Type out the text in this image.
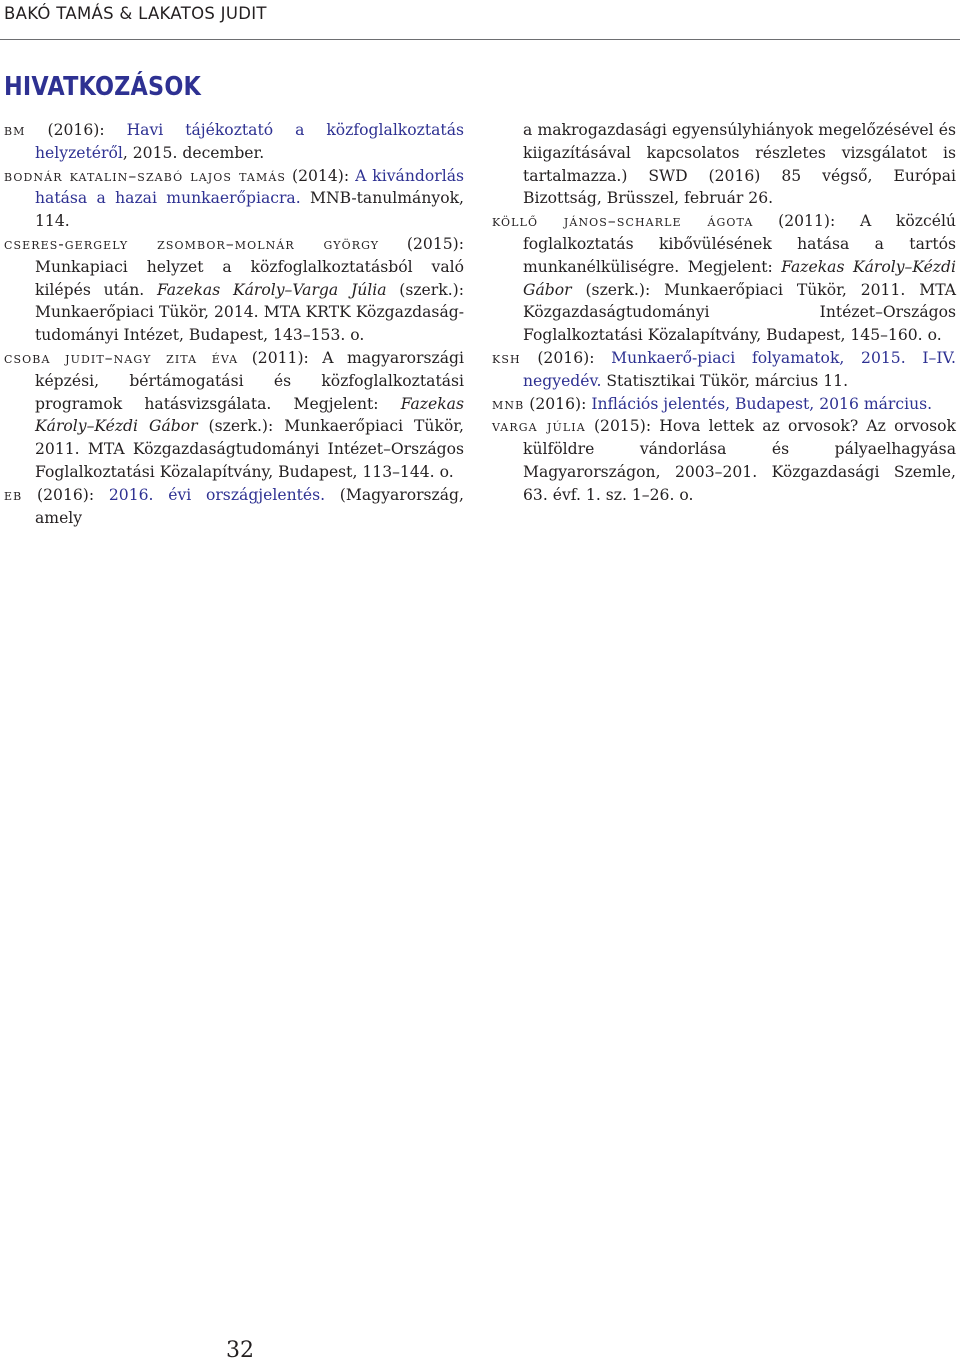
BAKÓ TAMÁS & LAKATOS JUDIT
HIVATKOZÁSOK

bm (2016): Havi tájékoztató a közfoglalkoztatás helyzetéről, 2015. december.

bodnár katalin–szabó lajos tamás (2014): A kivándorlás hatása a hazai munkaerőpiacra. MNB-tanulmányok, 114.

cseres-gergely zsombor–molnár györgy (2015): Munkapiaci helyzet a közfoglalkoztatásból való kilépés után. Fazekas Károly–Varga Júlia (szerk.): Munkaerőpiaci Tükör, 2014. MTA KRTK Közgazdaság-tudományi Intézet, Budapest, 143–153. o.

csoba judit–nagy zita éva (2011): A magyarországi képzési, bértámogatási és közfoglalkoztatási programok hatásvizsgálata. Megjelent: Fazekas Károly–Kézdi Gábor (szerk.): Munkaerőpiaci Tükör, 2011. MTA Közgazdaságtudományi Intézet–Országos Foglalkoztatási Közalapítvány, Budapest, 113–144. o.

eb (2016): 2016. évi országjelentés. (Magyarország, amely

a makrogazdasági egyensúlyhiányok megelőzésével és kiigazításával kapcsolatos részletes vizsgálatot is tartalmazza.) SWD (2016) 85 végső, Európai Bizottság, Brüsszel, február 26.

köllő jános–scharle ágota (2011): A közcélú foglalkoztatás kibővülésének hatása a tartós munkanélküliségre. Megjelent: Fazekas Károly–Kézdi Gábor (szerk.): Munkaerőpiaci Tükör, 2011. MTA Közgazdaságtudományi Intézet–Országos Foglalkoztatási Közalapítvány, Budapest, 145–160. o.

ksh (2016): Munkaerő-piaci folyamatok, 2015. I–IV. negyedév. Statisztikai Tükör, március 11.

mnb (2016): Inflációs jelentés, Budapest, 2016 március.

varga júlia (2015): Hova lettek az orvosok? Az orvosok külföldre vándorlása és pályaelhagyása Magyarországon, 2003–201. Közgazdasági Szemle, 63. évf. 1. sz. 1–26. o.

32
